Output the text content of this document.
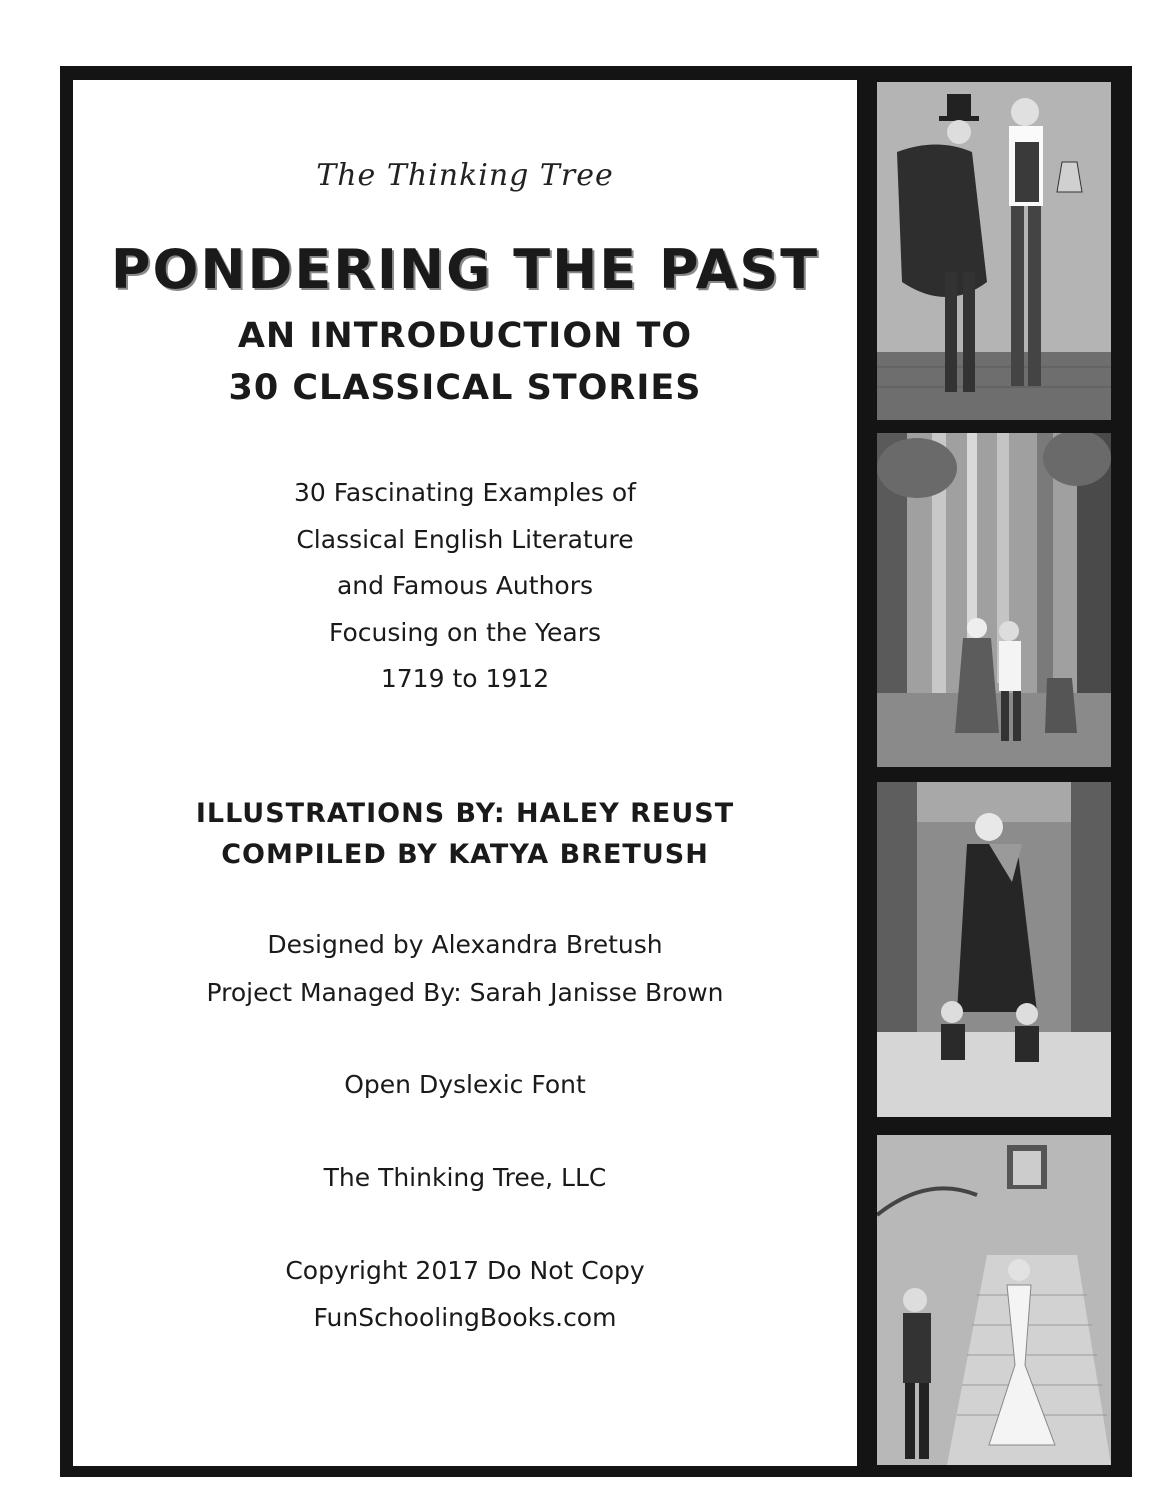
The Thinking Tree
PONDERING THE PAST
AN INTRODUCTION TO
30 CLASSICAL STORIES
30 Fascinating Examples of
Classical English Literature
and Famous Authors
Focusing on the Years
1719 to 1912
ILLUSTRATIONS BY: HALEY REUST
COMPILED BY KATYA BRETUSH
Designed by Alexandra Bretush
Project Managed By: Sarah Janisse Brown
Open Dyslexic Font
The Thinking Tree, LLC
Copyright 2017 Do Not Copy
FunSchoolingBooks.com
